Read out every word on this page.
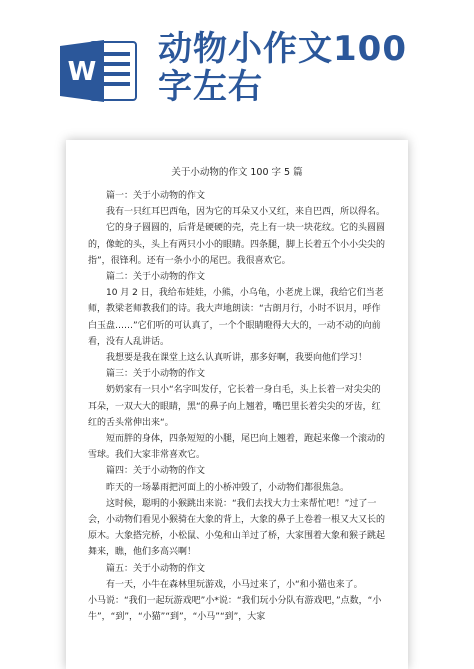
W
动物小作文100
字左右
关于小动物的作文 100 字 5 篇

篇一：关于小动物的作文

我有一只红耳巴西龟，因为它的耳朵又小又红，来自巴西，所以得名。

它的身子圆圆的，后背是硬硬的壳，壳上有一块一块花纹。它的头圆圆的，像蛇的头，头上有两只小小的眼睛。四条腿，脚上长着五个小小尖尖的指”，很锋利。还有一条小小的尾巴。我很喜欢它。

篇二：关于小动物的作文

10 月 2 日，我给布娃娃，小熊，小乌龟，小老虎上课，我给它们当老师，教梁老师教我们的诗。我大声地朗读：“古朗月行，小时不识月，呼作白玉盘……”它们听的可认真了，一个个眼睛瞪得大大的，一动不动的向前看，没有人乱讲话。

我想要是我在课堂上这么认真听讲，那多好啊，我要向他们学习！

篇三：关于小动物的作文

奶奶家有一只小“名字叫发仔，它长着一身白毛，头上长着一对尖尖的耳朵，一双大大的眼睛，黑“的鼻子向上翘着，嘴巴里长着尖尖的牙齿，红红的舌头常伸出来“。

短而胖的身体，四条短短的小腿，尾巴向上翘着，跑起来像一个滚动的雪球。我们大家非常喜欢它。

篇四：关于小动物的作文

昨天的一场暴雨把河面上的小桥冲毁了，小动物们都很焦急。

这时候，聪明的小猴跳出来说：“我们去找大力士来帮忙吧！”过了一会，小动物们看见小猴骑在大象的背上，大象的鼻子上卷着一根又大又长的原木。大象搭完桥，小松鼠、小兔和山羊过了桥，大家围着大象和猴子跳起舞来，瞧，他们多高兴啊！

篇五：关于小动物的作文

有一天，小牛在森林里玩游戏，小马过来了，小“和小猫也来了。

小马说：“我们一起玩游戏吧”小*说：“我们玩小分队有游戏吧，”点数，“小牛”，“到”，“小猫”“到”，“小马”“到”，大家
